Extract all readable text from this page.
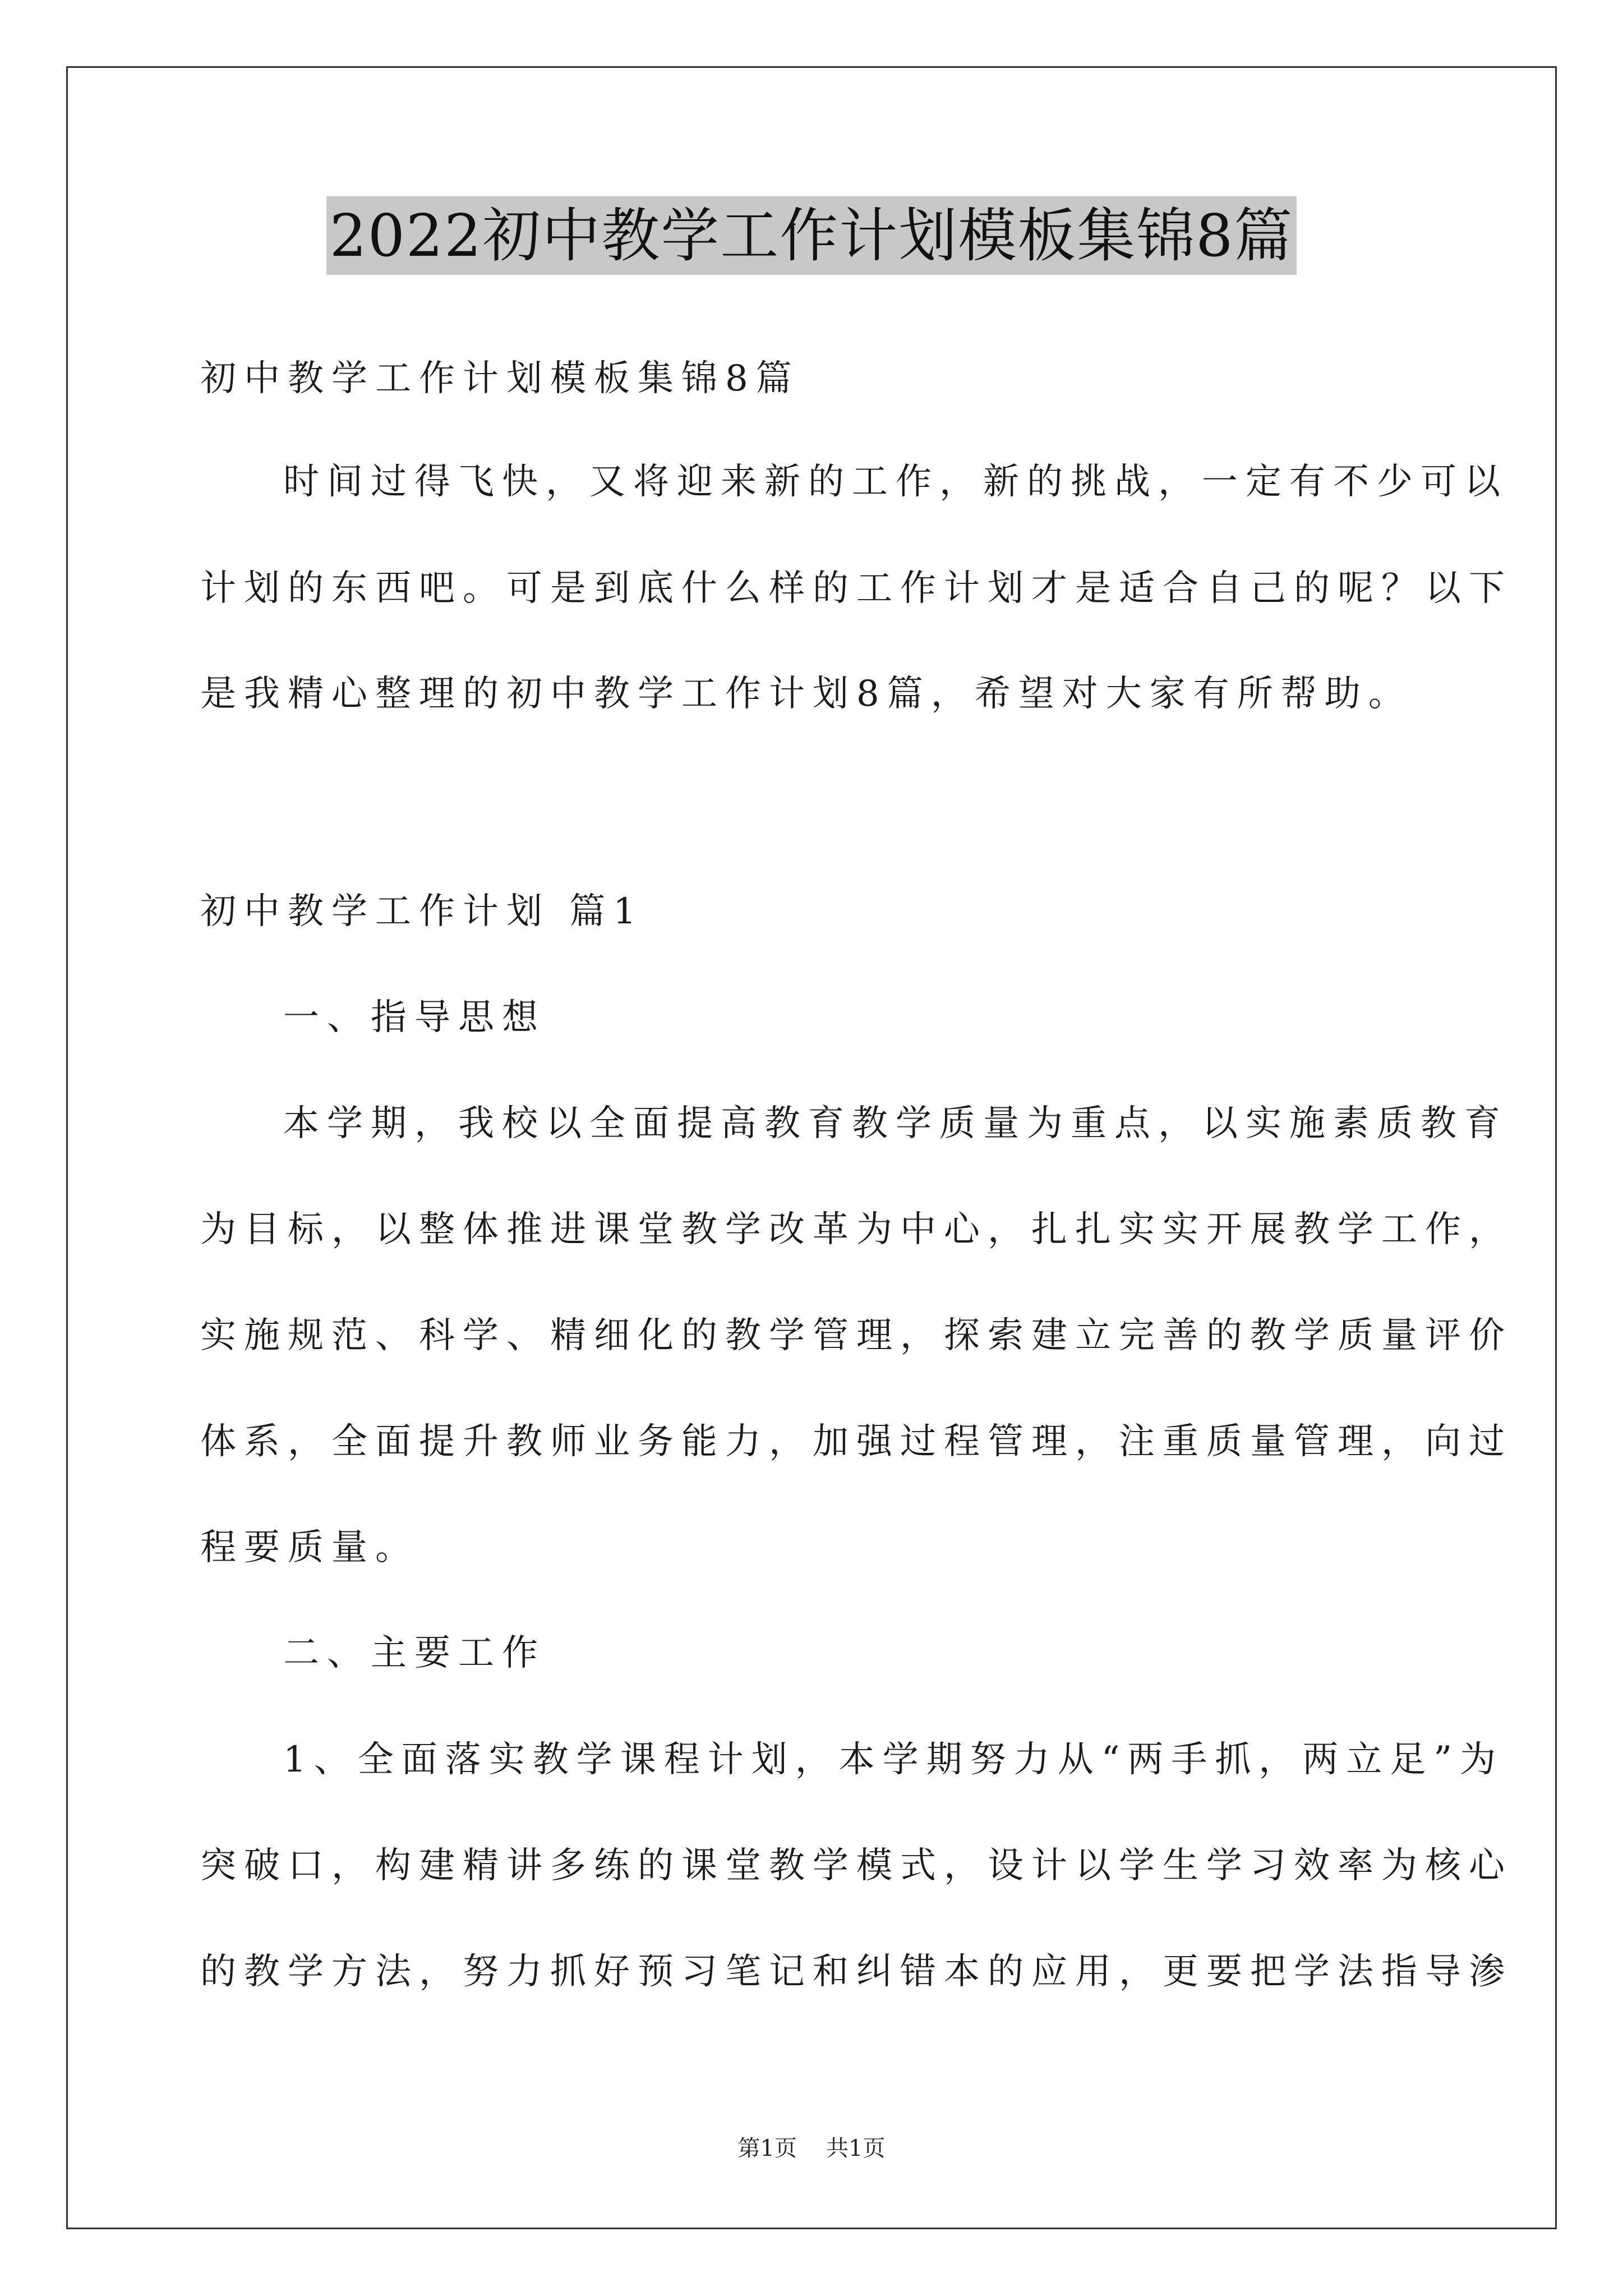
2022初中教学工作计划模板集锦8篇

初中教学工作计划模板集锦8篇

时间过得飞快，又将迎来新的工作，新的挑战，一定有不少可以

计划的东西吧。可是到底什么样的工作计划才是适合自己的呢？以下

是我精心整理的初中教学工作计划8篇，希望对大家有所帮助。

初中教学工作计划 篇1

一、指导思想

本学期，我校以全面提高教育教学质量为重点，以实施素质教育

为目标，以整体推进课堂教学改革为中心，扎扎实实开展教学工作，

实施规范、科学、精细化的教学管理，探索建立完善的教学质量评价

体系，全面提升教师业务能力，加强过程管理，注重质量管理，向过

程要质量。

二、主要工作

1、全面落实教学课程计划，本学期努力从“两手抓，两立足”为

突破口，构建精讲多练的课堂教学模式，设计以学生学习效率为核心

的教学方法，努力抓好预习笔记和纠错本的应用，更要把学法指导渗

第1页 共1页
